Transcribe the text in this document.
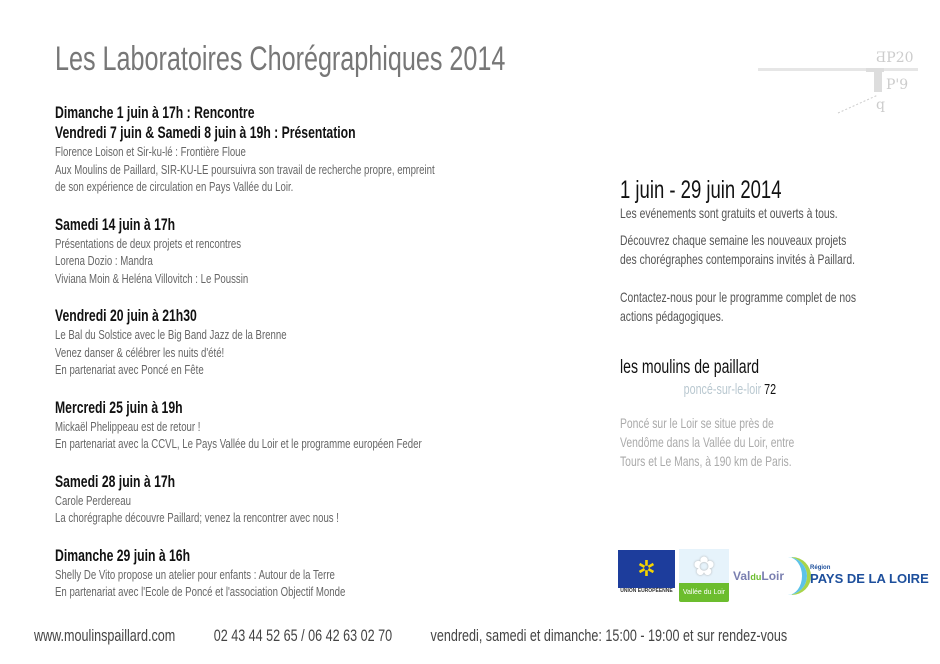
Les Laboratoires Chorégraphiques 2014	ƋP20
P'9
q
Dimanche 1 juin à 17h : Rencontre
Vendredi 7 juin & Samedi 8 juin à 19h : Présentation

Florence Loison et Sir-ku-lé : Frontière Floue

Aux Moulins de Paillard, SIR-KU-LE poursuivra son travail de recherche propre, empreint

de son expérience de circulation en Pays Vallée du Loir.

Samedi 14 juin à 17h

Présentations de deux projets et rencontres

Lorena Dozio : Mandra

Viviana Moin & Heléna Villovitch : Le Poussin

Vendredi 20 juin à 21h30

Le Bal du Solstice avec le Big Band Jazz de la Brenne

Venez danser & célébrer les nuits d'été!

En partenariat avec Poncé en Fête

Mercredi 25 juin à 19h

Mickaël Phelippeau est de retour !

En partenariat avec la CCVL, Le Pays Vallée du Loir et le programme européen Feder

Samedi 28 juin à 17h

Carole Perdereau

La chorégraphe découvre Paillard; venez la rencontrer avec nous !

Dimanche 29 juin à 16h

Shelly De Vito propose un atelier pour enfants : Autour de la Terre

En partenariat avec l'Ecole de Poncé et l'association Objectif Monde

1 juin - 29 juin 2014

Les evénements sont gratuits et ouverts à tous.

Découvrez chaque semaine les nouveaux projets

des chorégraphes contemporains invités à Paillard.

Contactez-nous pour le programme complet de nos

actions pédagogiques.

les moulins de paillard
poncé-sur-le-loir 72
Poncé sur le Loir se situe près de
Vendôme dans la Vallée du Loir, entre
Tours et Le Mans, à 190 km de Paris.
✲
UNION EUROPÉENNE
✿
Vallée du Loir
ValduLoir
Région
PAYS DE LA LOIRE
www.moulinspaillard.com 02 43 44 52 65 / 06 42 63 02 70 vendredi, samedi et dimanche: 15:00 - 19:00 et sur rendez-vous
